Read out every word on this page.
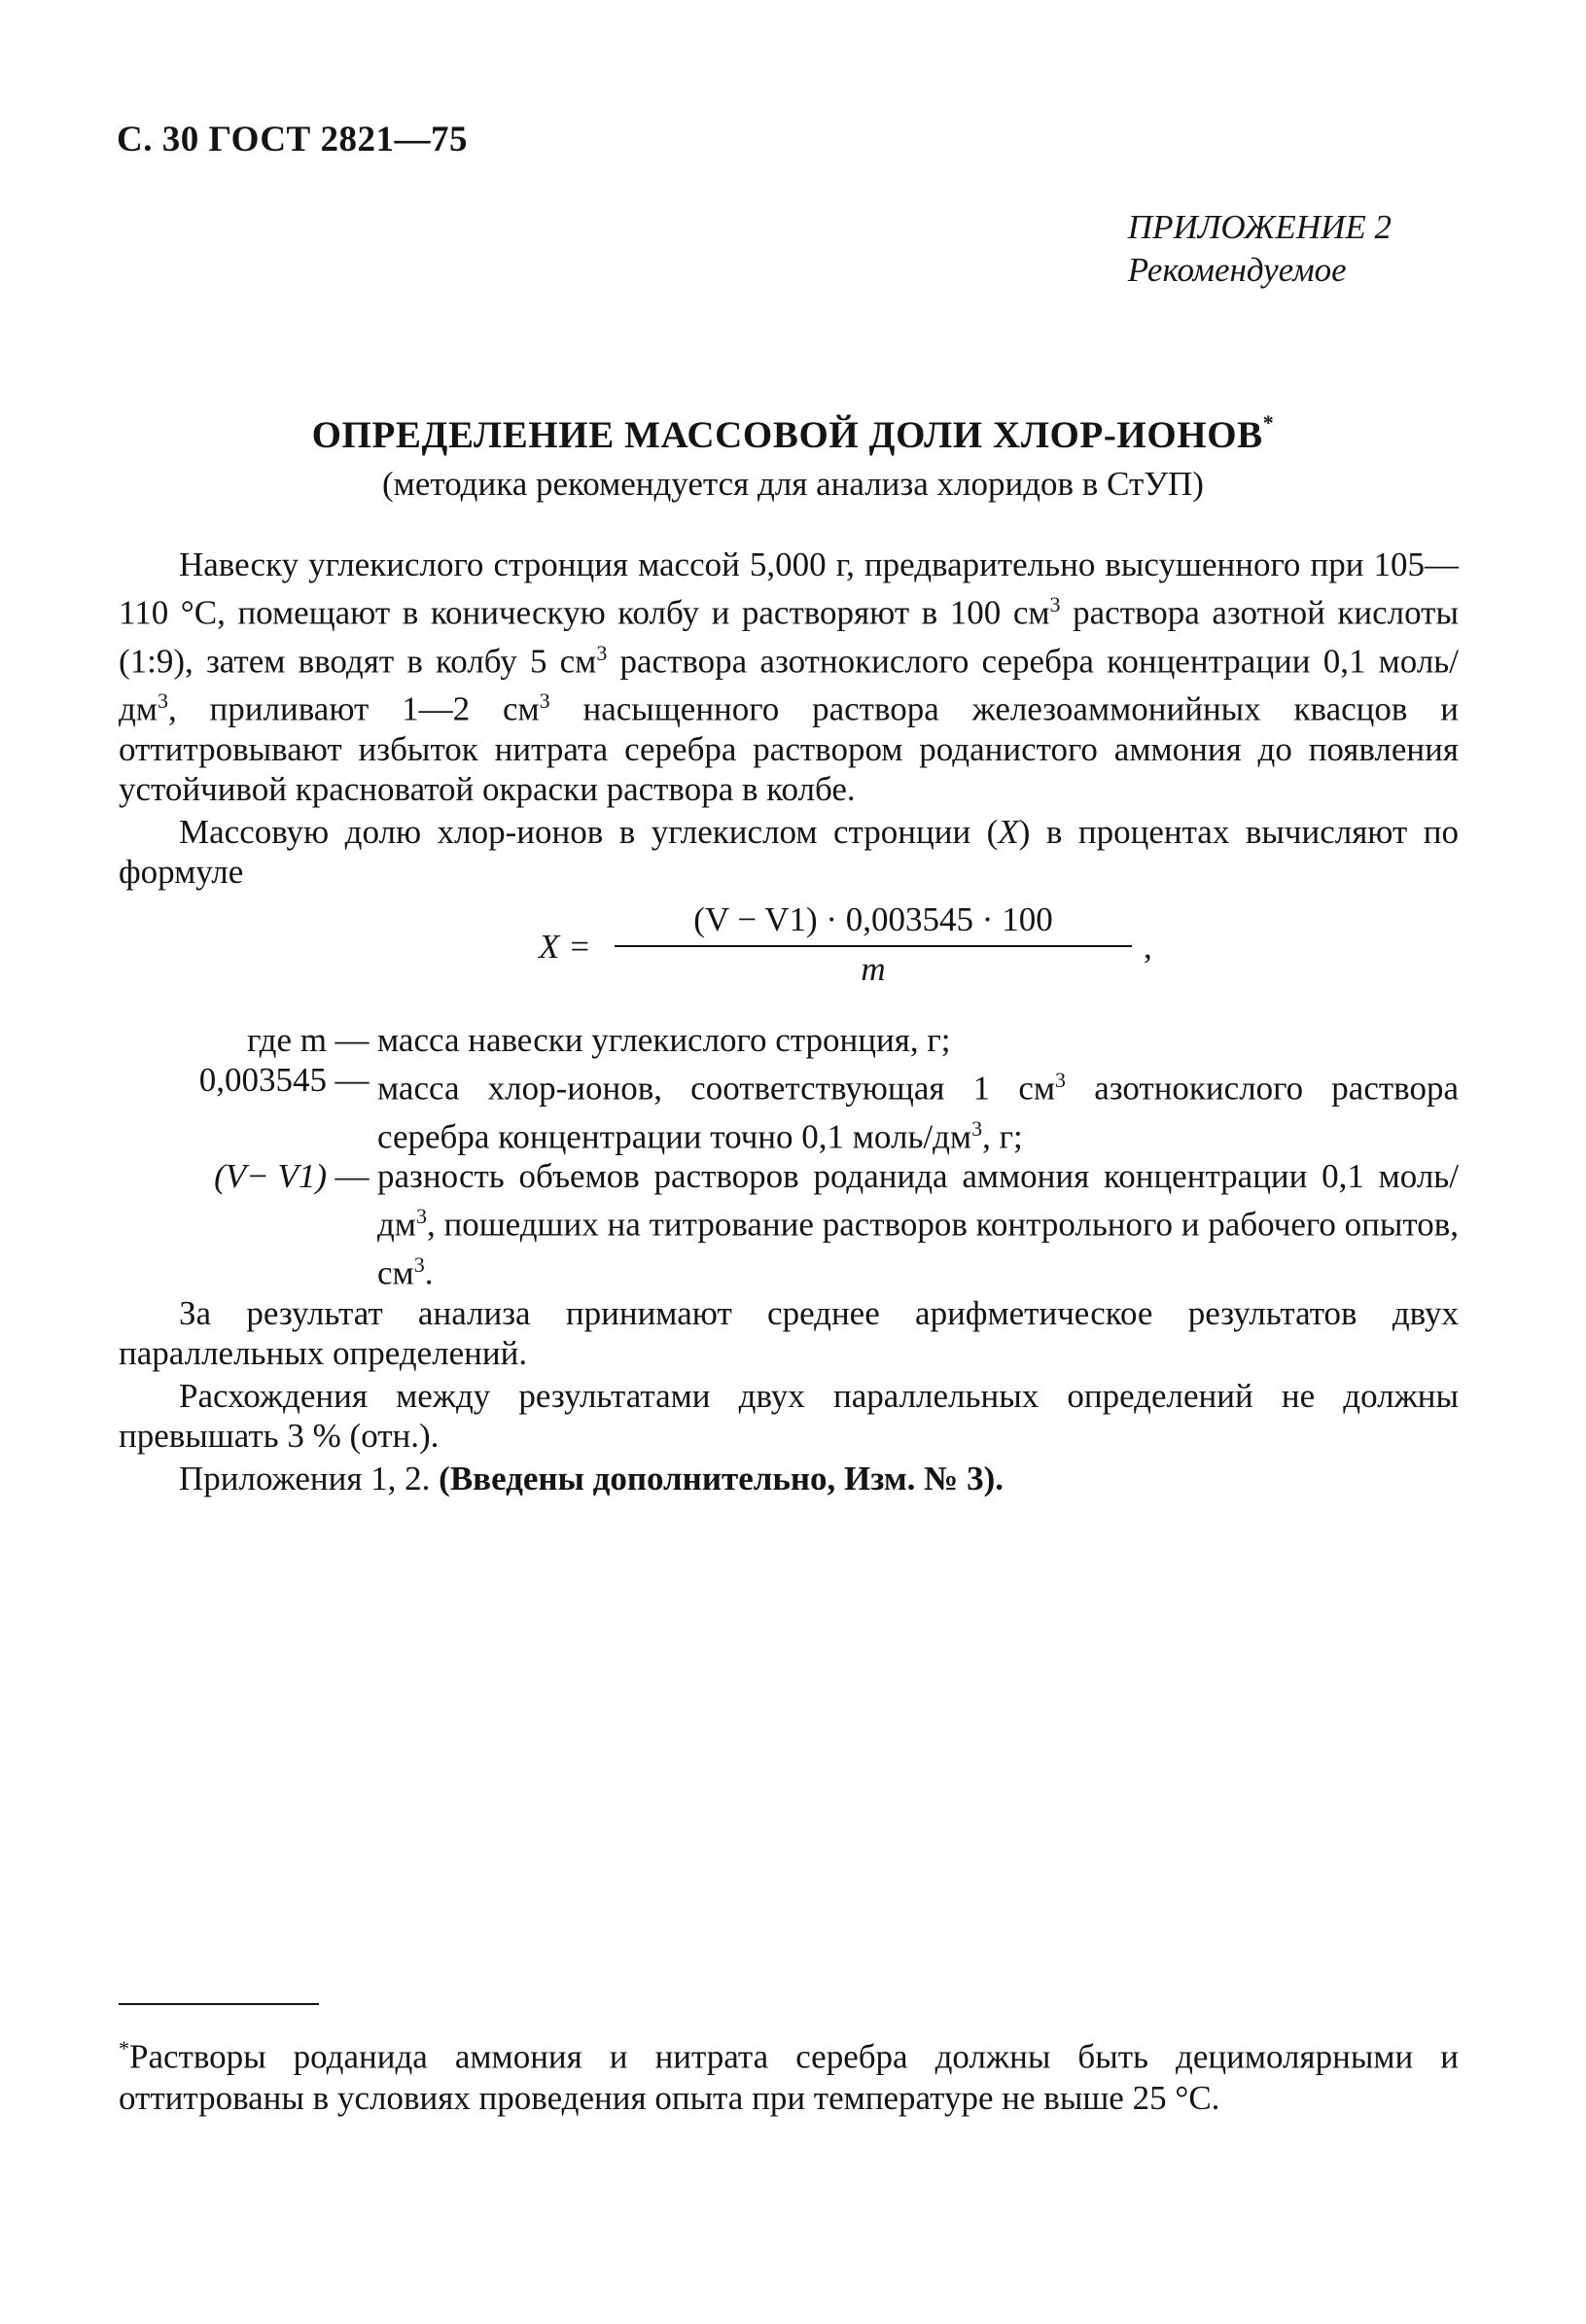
С. 30 ГОСТ 2821—75
ПРИЛОЖЕНИЕ 2
Рекомендуемое
ОПРЕДЕЛЕНИЕ МАССОВОЙ ДОЛИ ХЛОР-ИОНОВ*
(методика рекомендуется для анализа хлоридов в СтУП)

Навеску углекислого стронция массой 5,000 г, предварительно высушенного при 105—110 °С, помещают в коническую колбу и растворяют в 100 $см^3$ раствора азотной кислоты (1:9), затем вводят в колбу 5 $см^3$ раствора азотнокислого серебра концентрации 0,1 моль/$дм^3$, приливают 1—2 $см^3$ насыщенного раствора железоаммонийных квасцов и оттитровывают избыток нитрата серебра раствором роданистого аммония до появления устойчивой красноватой окраски раствора в колбе.

Массовую долю хлор-ионов в углекислом стронции (X) в процентах вычисляют по формуле

X =
(V − V1) · 0,003545 · 100
m
,
где m — масса навески углекислого стронция, г;
0,003545 — масса хлор-ионов, соответствующая 1 $см^3$ азотнокислого раствора серебра концентрации точно 0,1 моль/$дм^3$, г;
(V− V1) — разность объемов растворов роданида аммония концентрации 0,1 моль/$дм^3$, пошедших на титрование растворов контрольного и рабочего опытов, $см^3$.

За результат анализа принимают среднее арифметическое результатов двух параллельных определений.

Расхождения между результатами двух параллельных определений не должны превышать 3 % (отн.).

Приложения 1, 2. (Введены дополнительно, Изм. № 3).

*Растворы роданида аммония и нитрата серебра должны быть децимолярными и оттитрованы в условиях проведения опыта при температуре не выше 25 °С.
